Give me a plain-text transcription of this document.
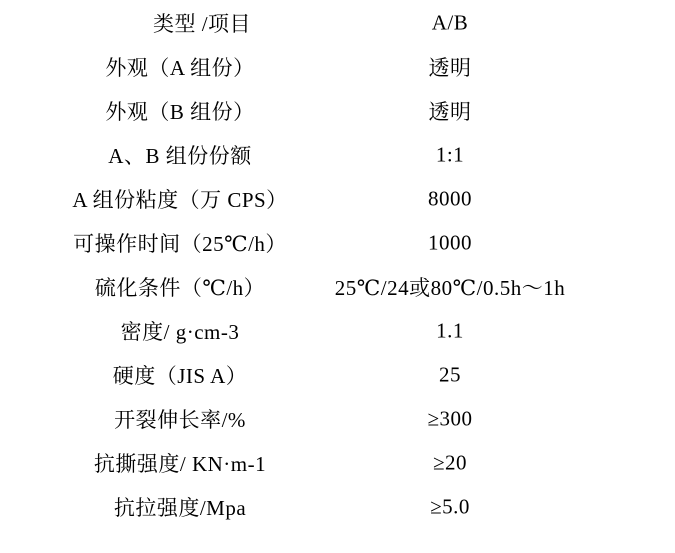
类型 /项目	A/B
外观（A 组份）	透明
外观（B 组份）	透明
A、B 组份份额	1:1
A 组份粘度（万 CPS）	8000
可操作时间（25℃/h）	1000
硫化条件（℃/h）	25℃/24或80℃/0.5h～1h
密度/ g·cm-3	1.1
硬度（JIS A）	25
开裂伸长率/%	≥300
抗撕强度/ KN·m-1	≥20
抗拉强度/Mpa	≥5.0
